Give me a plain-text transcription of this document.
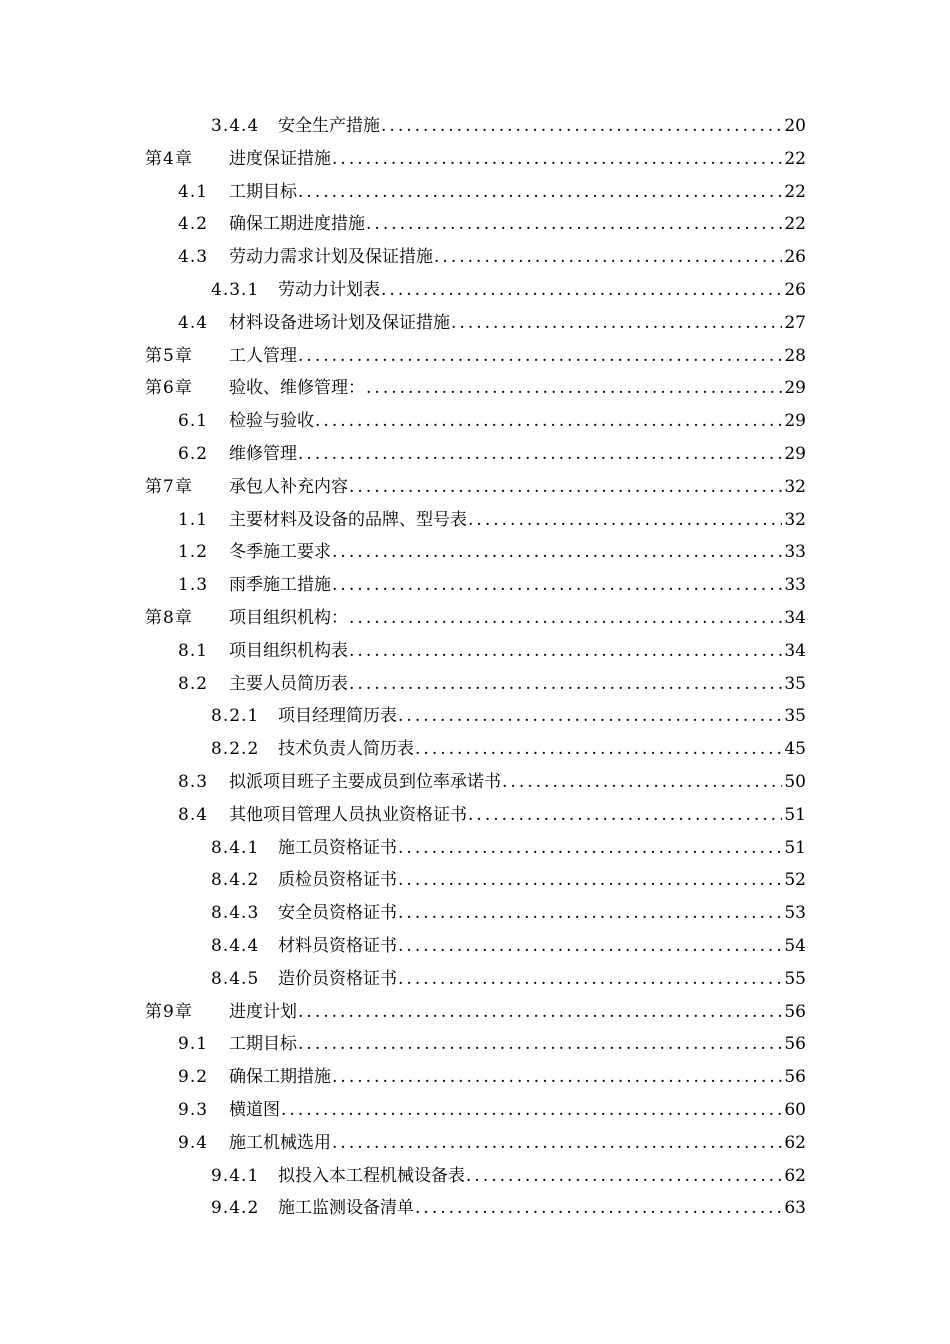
3.4.4	安全生产措施 . . .	20
第4章	进度保证措施 . . .	22
4.1	工期目标 . . .	22
4.2	确保工期进度措施 . . .	22
4.3	劳动力需求计划及保证措施 . . .	26
4.3.1	劳动力计划表 . . .	26
4.4	材料设备进场计划及保证措施 . . .	27
第5章	工人管理 . . .	28
第6章	验收、维修管理： . . .	29
6.1	检验与验收 . . .	29
6.2	维修管理 . . .	29
第7章	承包人补充内容 . . .	32
1.1	主要材料及设备的品牌、型号表 . . .	32
1.2	冬季施工要求 . . .	33
1.3	雨季施工措施 . . .	33
第8章	项目组织机构： . . .	34
8.1	项目组织机构表 . . .	34
8.2	主要人员简历表 . . .	35
8.2.1	项目经理简历表 . . .	35
8.2.2	技术负责人简历表 . . .	45
8.3	拟派项目班子主要成员到位率承诺书 . . .	50
8.4	其他项目管理人员执业资格证书 . . .	51
8.4.1	施工员资格证书 . . .	51
8.4.2	质检员资格证书 . . .	52
8.4.3	安全员资格证书 . . .	53
8.4.4	材料员资格证书 . . .	54
8.4.5	造价员资格证书 . . .	55
第9章	进度计划 . . .	56
9.1	工期目标 . . .	56
9.2	确保工期措施 . . .	56
9.3	横道图 . . .	60
9.4	施工机械选用 . . .	62
9.4.1	拟投入本工程机械设备表 . . .	62
9.4.2	施工监测设备清单 . . .	63
